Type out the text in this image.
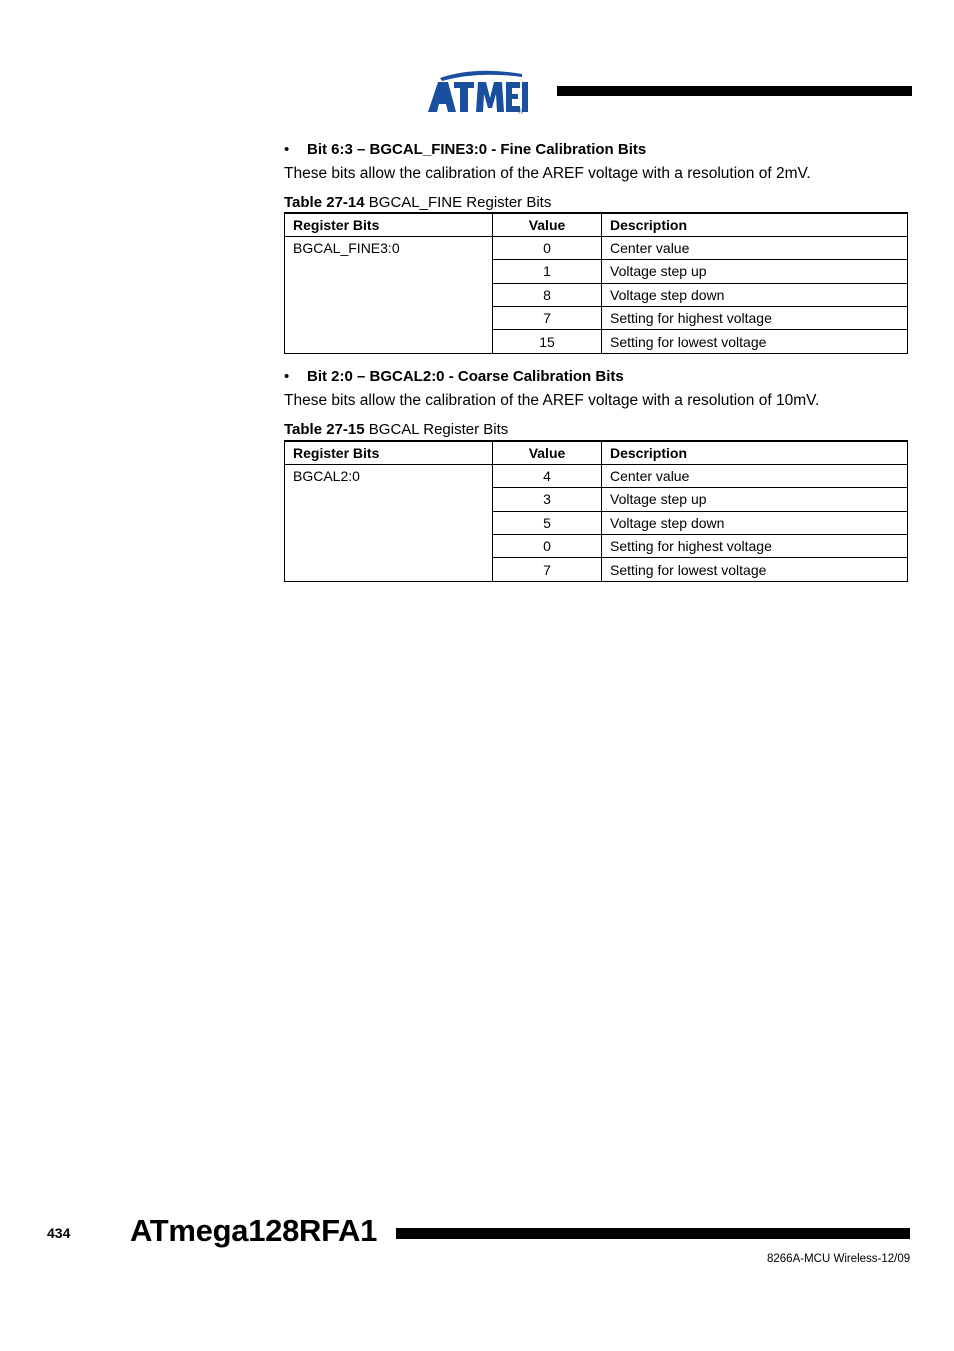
®
• Bit 6:3 – BGCAL_FINE3:0 - Fine Calibration Bits
These bits allow the calibration of the AREF voltage with a resolution of 2mV.
Table 27-14 BGCAL_FINE Register Bits
Register Bits	Value	Description
BGCAL_FINE3:0	0	Center value
	1	Voltage step up
	8	Voltage step down
	7	Setting for highest voltage
	15	Setting for lowest voltage
• Bit 2:0 – BGCAL2:0 - Coarse Calibration Bits
These bits allow the calibration of the AREF voltage with a resolution of 10mV.
Table 27-15 BGCAL Register Bits
Register Bits	Value	Description
BGCAL2:0	4	Center value
	3	Voltage step up
	5	Voltage step down
	0	Setting for highest voltage
	7	Setting for lowest voltage
434 ATmega128RFA1
8266A-MCU Wireless-12/09
